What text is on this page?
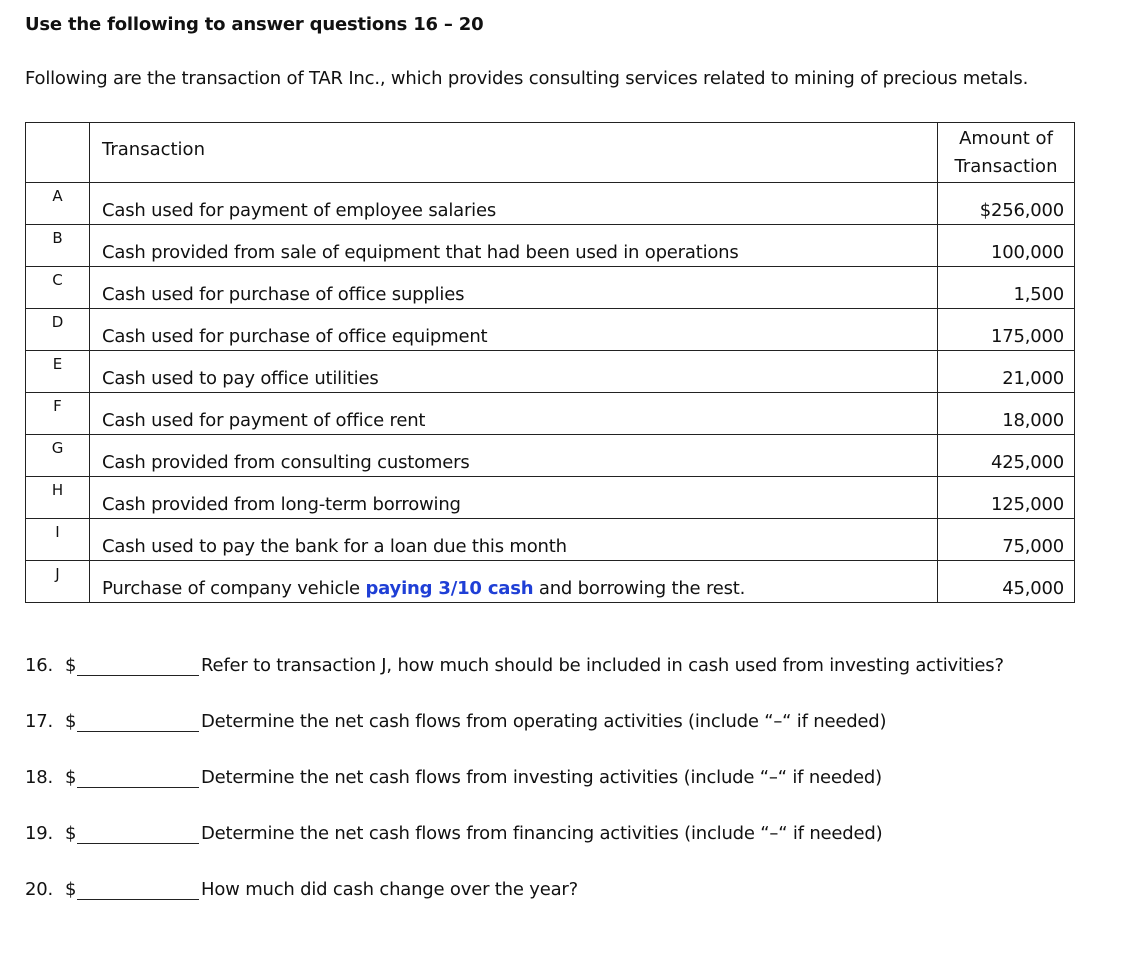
Use the following to answer questions 16 – 20
Following are the transaction of TAR Inc., which provides consulting services related to mining of precious metals.
	Transaction	Amount of
Transaction

A	Cash used for payment of employee salaries	$256,000
B	Cash provided from sale of equipment that had been used in operations	100,000
C	Cash used for purchase of office supplies	1,500
D	Cash used for purchase of office equipment	175,000
E	Cash used to pay office utilities	21,000
F	Cash used for payment of office rent	18,000
G	Cash provided from consulting customers	425,000
H	Cash provided from long-term borrowing	125,000
I	Cash used to pay the bank for a loan due this month	75,000
J	Purchase of company vehicle paying 3/10 cash and borrowing the rest.	45,000
16. $	Refer to transaction J, how much should be included in cash used from investing activities?
17. $	Determine the net cash flows from operating activities (include “–“ if needed)
18. $	Determine the net cash flows from investing activities (include “–“ if needed)
19. $	Determine the net cash flows from financing activities (include “–“ if needed)
20. $	How much did cash change over the year?
